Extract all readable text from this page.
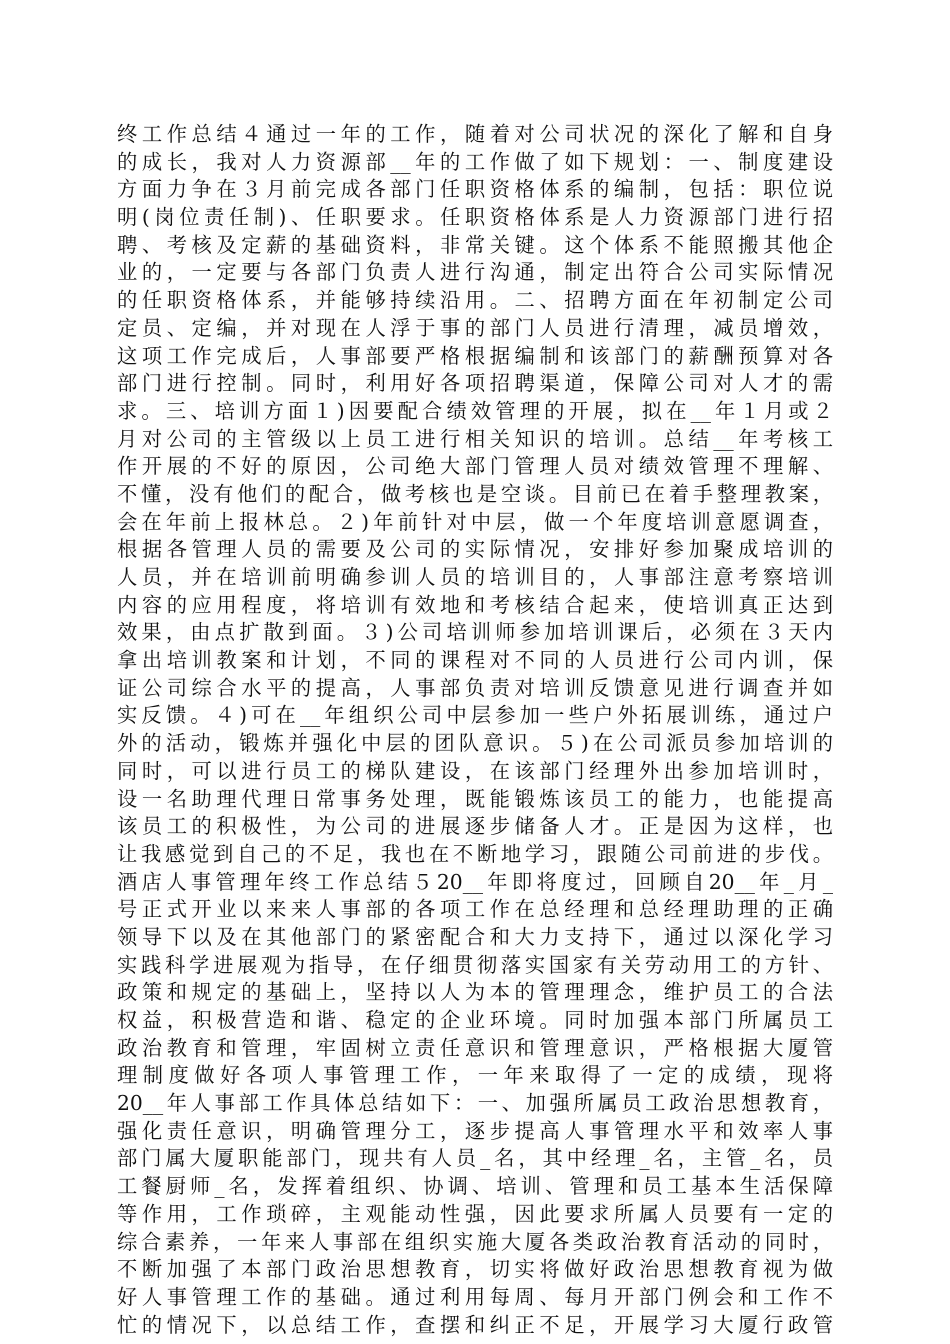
终工作总结４通过一年的工作，随着对公司状况的深化了解和自身
的成长，我对人力资源部__年的工作做了如下规划：一、制度建设
方面力争在３月前完成各部门任职资格体系的编制，包括：职位说
明(岗位责任制)、任职要求。任职资格体系是人力资源部门进行招
聘、考核及定薪的基础资料，非常关键。这个体系不能照搬其他企
业的，一定要与各部门负责人进行沟通，制定出符合公司实际情况
的任职资格体系，并能够持续沿用。二、招聘方面在年初制定公司
定员、定编，并对现在人浮于事的部门人员进行清理，减员增效，
这项工作完成后，人事部要严格根据编制和该部门的薪酬预算对各
部门进行控制。同时，利用好各项招聘渠道，保障公司对人才的需
求。三、培训方面１)因要配合绩效管理的开展，拟在__年１月或２
月对公司的主管级以上员工进行相关知识的培训。总结__年考核工
作开展的不好的原因，公司绝大部门管理人员对绩效管理不理解、
不懂，没有他们的配合，做考核也是空谈。目前已在着手整理教案，
会在年前上报林总。２)年前针对中层，做一个年度培训意愿调查，
根据各管理人员的需要及公司的实际情况，安排好参加聚成培训的
人员，并在培训前明确参训人员的培训目的，人事部注意考察培训
内容的应用程度，将培训有效地和考核结合起来，使培训真正达到
效果，由点扩散到面。３)公司培训师参加培训课后，必须在３天内
拿出培训教案和计划，不同的课程对不同的人员进行公司内训，保
证公司综合水平的提高，人事部负责对培训反馈意见进行调查并如
实反馈。４)可在__年组织公司中层参加一些户外拓展训练，通过户
外的活动，锻炼并强化中层的团队意识。５)在公司派员参加培训的
同时，可以进行员工的梯队建设，在该部门经理外出参加培训时，
设一名助理代理日常事务处理，既能锻炼该员工的能力，也能提高
该员工的积极性，为公司的进展逐步储备人才。正是因为这样，也
让我感觉到自己的不足，我也在不断地学习，跟随公司前进的步伐。
酒店人事管理年终工作总结５20__年即将度过，回顾自20__年_月_
号正式开业以来来人事部的各项工作在总经理和总经理助理的正确
领导下以及在其他部门的紧密配合和大力支持下，通过以深化学习
实践科学进展观为指导，在仔细贯彻落实国家有关劳动用工的方针、
政策和规定的基础上，坚持以人为本的管理理念，维护员工的合法
权益，积极营造和谐、稳定的企业环境。同时加强本部门所属员工
政治教育和管理，牢固树立责任意识和管理意识，严格根据大厦管
理制度做好各项人事管理工作，一年来取得了一定的成绩，现将
20__年人事部工作具体总结如下：一、加强所属员工政治思想教育，
强化责任意识，明确管理分工，逐步提高人事管理水平和效率人事
部门属大厦职能部门，现共有人员_名，其中经理_名，主管_名，员
工餐厨师_名，发挥着组织、协调、培训、管理和员工基本生活保障
等作用，工作琐碎，主观能动性强，因此要求所属人员要有一定的
综合素养，一年来人事部在组织实施大厦各类政治教育活动的同时，
不断加强了本部门政治思想教育，切实将做好政治思想教育视为做
好人事管理工作的基础。通过利用每周、每月开部门例会和工作不
忙的情况下，以总结工作，查摆和纠正不足，开展学习大厦行政管
